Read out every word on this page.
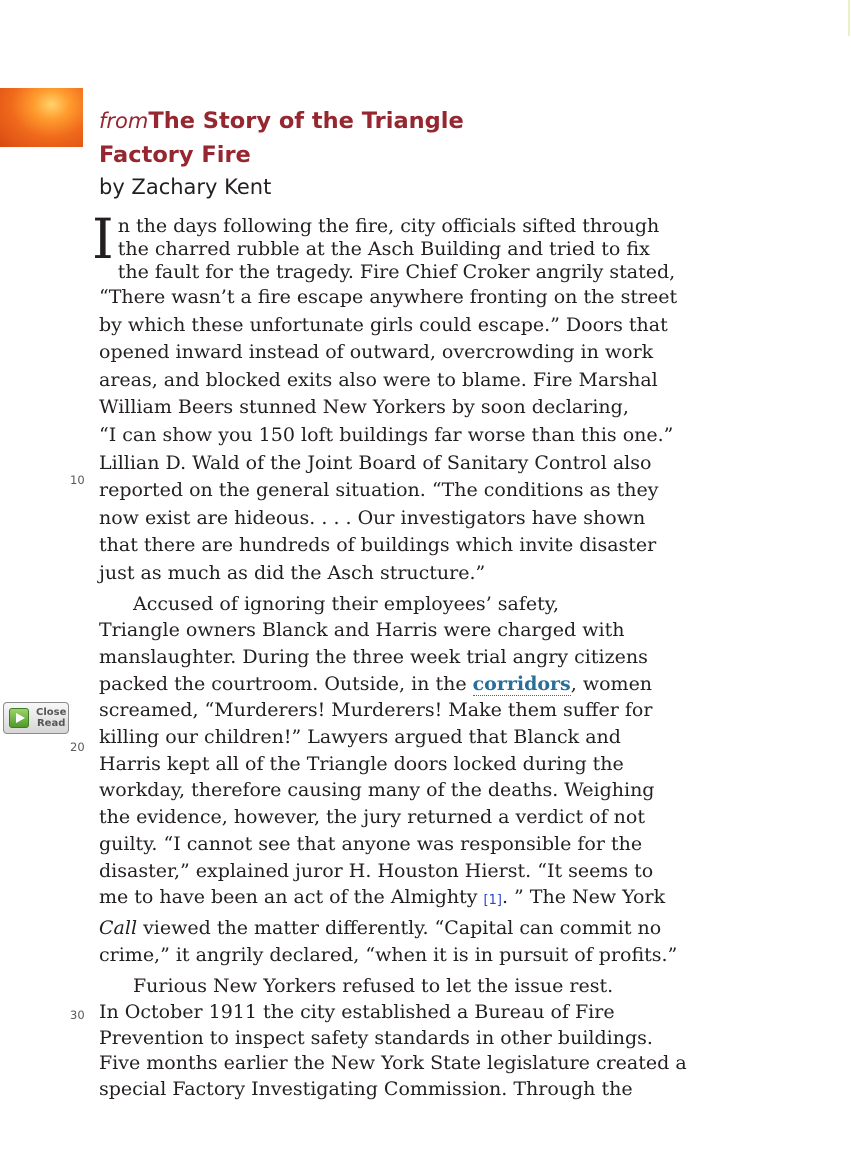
fromThe Story of the Triangle

Factory Fire

by Zachary Kent

10
20
30
Close
Read

I n the days following the fire, city officials sifted through
the charred rubble at the Asch Building and tried to fix
the fault for the tragedy. Fire Chief Croker angrily stated,
“There wasn’t a fire escape anywhere fronting on the street
by which these unfortunate girls could escape.” Doors that
opened inward instead of outward, overcrowding in work
areas, and blocked exits also were to blame. Fire Marshal
William Beers stunned New Yorkers by soon declaring,
“I can show you 150 loft buildings far worse than this one.”
Lillian D. Wald of the Joint Board of Sanitary Control also
reported on the general situation. “The conditions as they
now exist are hideous. . . . Our investigators have shown
that there are hundreds of buildings which invite disaster
just as much as did the Asch structure.”

Accused of ignoring their employees’ safety,
Triangle owners Blanck and Harris were charged with
manslaughter. During the three week trial angry citizens
packed the courtroom. Outside, in the corridors, women
screamed, “Murderers! Murderers! Make them suffer for
killing our children!” Lawyers argued that Blanck and
Harris kept all of the Triangle doors locked during the
workday, therefore causing many of the deaths. Weighing
the evidence, however, the jury returned a verdict of not
guilty. “I cannot see that anyone was responsible for the
disaster,” explained juror H. Houston Hierst. “It seems to
me to have been an act of the Almighty [1]. ” The New York
Call viewed the matter differently. “Capital can commit no
crime,” it angrily declared, “when it is in pursuit of profits.”

Furious New Yorkers refused to let the issue rest.
In October 1911 the city established a Bureau of Fire
Prevention to inspect safety standards in other buildings.
Five months earlier the New York State legislature created a
special Factory Investigating Commission. Through the
